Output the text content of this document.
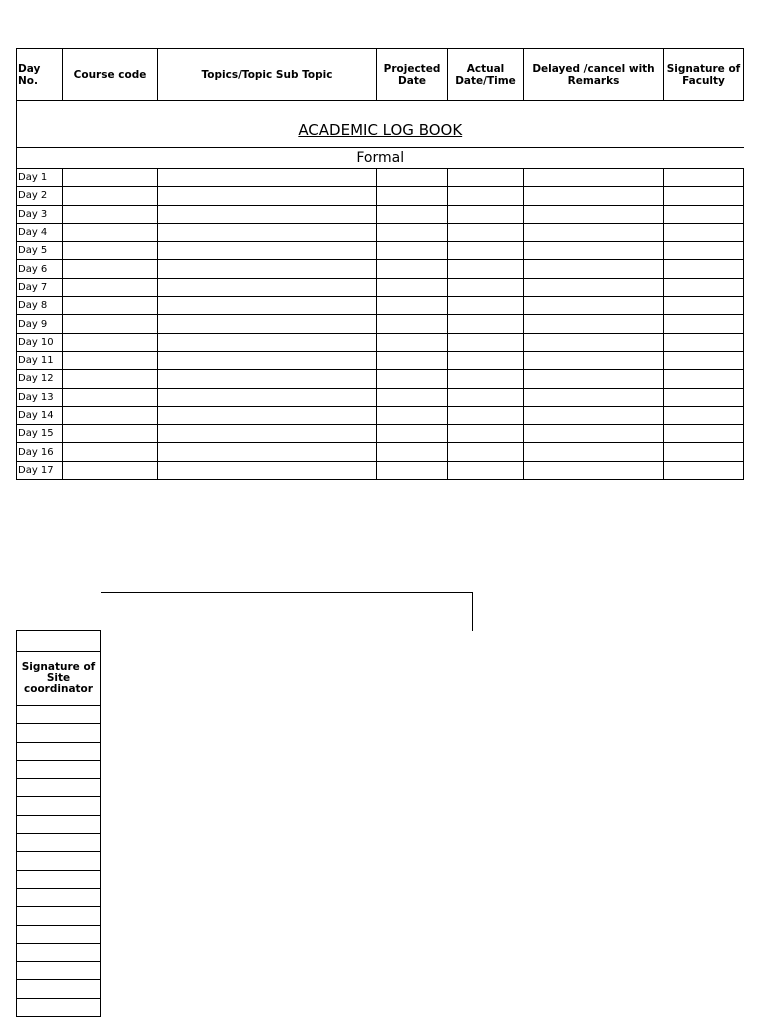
ACADEMIC LOG BOOK						
Formal						
Day No.	Course code	Topics/Topic Sub Topic	Projected Date	Actual Date/Time	Delayed /cancel with Remarks	Signature of Faculty
Day 1						
Day 2						
Day 3						
Day 4						
Day 5						
Day 6						
Day 7						
Day 8						
Day 9						
Day 10						
Day 11						
Day 12						
Day 13						
Day 14						
Day 15						
Day 16						
Day 17						

Signature of Site coordinator
